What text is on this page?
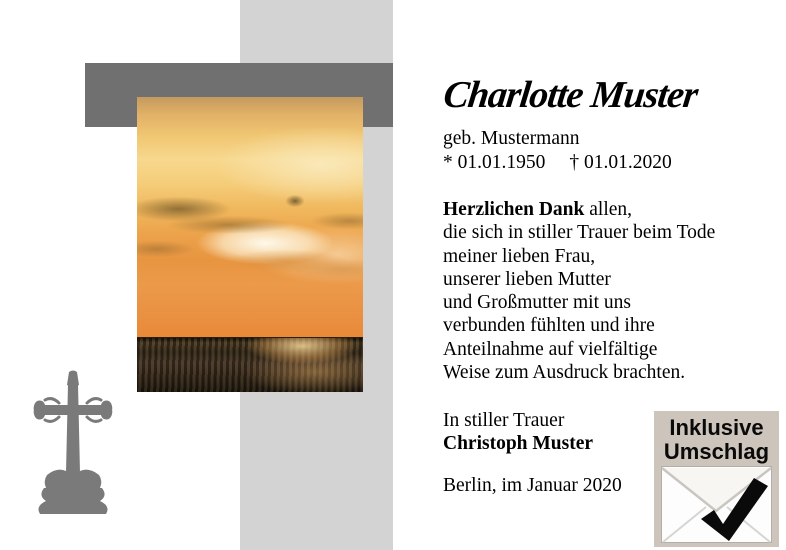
Charlotte Muster
geb. Mustermann
* 01.01.1950 † 01.01.2020
Herzlichen Dank allen,
die sich in stiller Trauer beim Tode
meiner lieben Frau,
unserer lieben Mutter
und Großmutter mit uns
verbunden fühlten und ihre
Anteilnahme auf vielfältige
Weise zum Ausdruck brachten.
In stiller Trauer
Christoph Muster
Berlin, im Januar 2020
Inklusive
Umschlag
